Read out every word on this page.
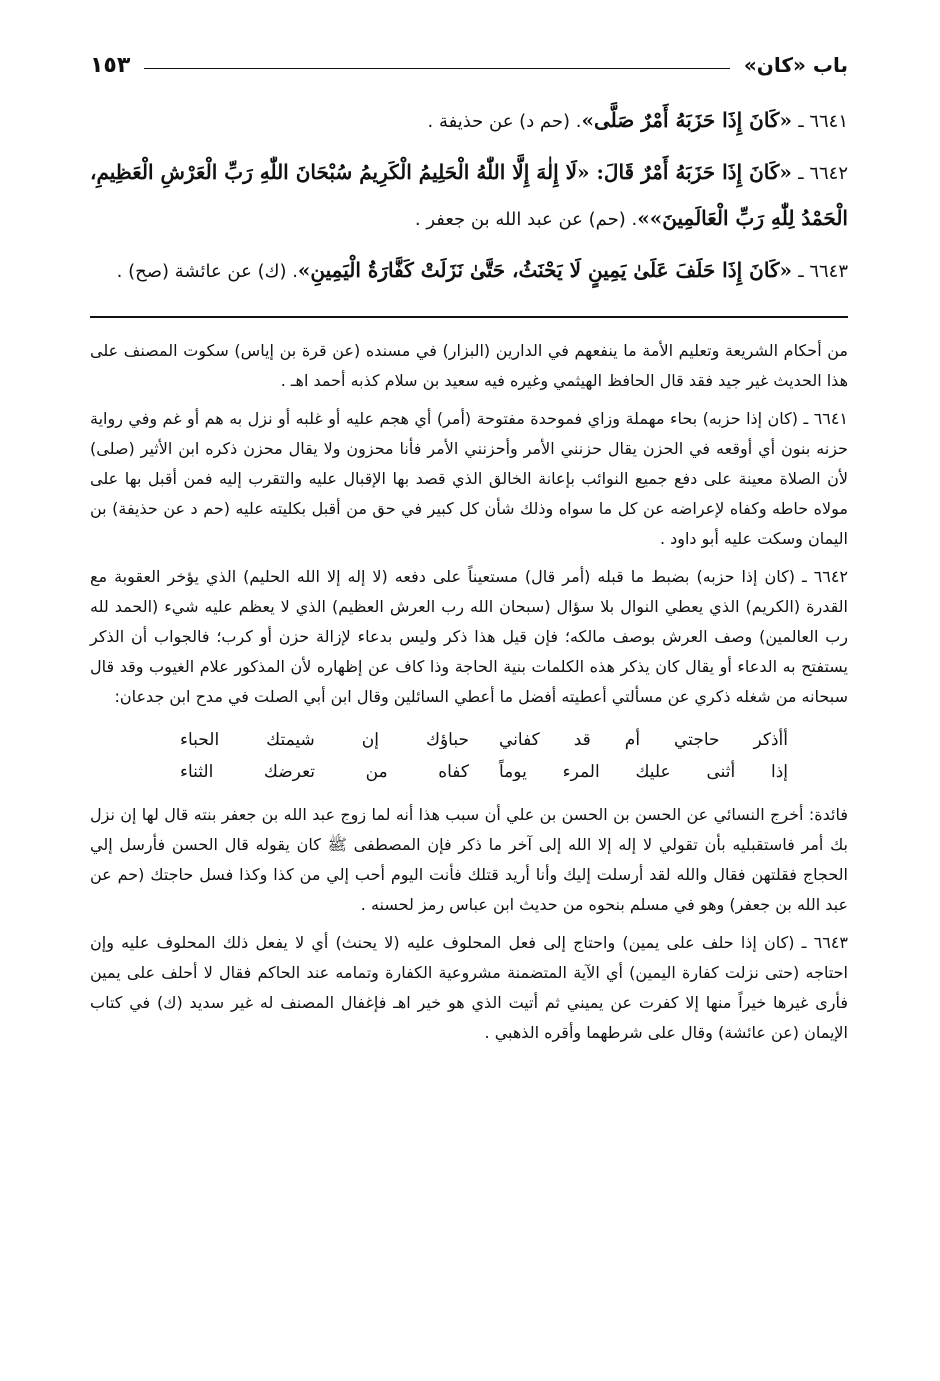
باب «كان»
١٥٣

٦٦٤١ ـ «كَانَ إِذَا حَزَبَهُ أَمْرٌ صَلَّى». (حم د) عن حذيفة .

٦٦٤٢ ـ «كَانَ إِذَا حَزَبَهُ أَمْرٌ قَالَ: «لَا إِلٰهَ إِلَّا اللّٰهُ الْحَلِيمُ الْكَرِيمُ سُبْحَانَ اللّٰهِ رَبِّ الْعَرْشِ الْعَظِيمِ، الْحَمْدُ لِلّٰهِ رَبِّ الْعَالَمِينَ»». (حم) عن عبد الله بن جعفر .

٦٦٤٣ ـ «كَانَ إِذَا حَلَفَ عَلَىٰ يَمِينٍ لَا يَحْنَثُ، حَتَّىٰ نَزَلَتْ كَفَّارَةُ الْيَمِينِ». (ك) عن عائشة (صح) .

من أحكام الشريعة وتعليم الأمة ما ينفعهم في الدارين (البزار) في مسنده (عن قرة بن إياس) سكوت المصنف على هذا الحديث غير جيد فقد قال الحافظ الهيثمي وغيره فيه سعيد بن سلام كذبه أحمد اهـ .

٦٦٤١ ـ (كان إذا حزبه) بحاء مهملة وزاي فموحدة مفتوحة (أمر) أي هجم عليه أو غلبه أو نزل به هم أو غم وفي رواية حزنه بنون أي أوقعه في الحزن يقال حزنني الأمر وأحزنني الأمر فأنا محزون ولا يقال محزن ذكره ابن الأثير (صلى) لأن الصلاة معينة على دفع جميع النوائب بإعانة الخالق الذي قصد بها الإقبال عليه والتقرب إليه فمن أقبل بها على مولاه حاطه وكفاه لإعراضه عن كل ما سواه وذلك شأن كل كبير في حق من أقبل بكليته عليه (حم د عن حذيفة) بن اليمان وسكت عليه أبو داود .

٦٦٤٢ ـ (كان إذا حزبه) بضبط ما قبله (أمر قال) مستعيناً على دفعه (لا إله إلا الله الحليم) الذي يؤخر العقوبة مع القدرة (الكريم) الذي يعطي النوال بلا سؤال (سبحان الله رب العرش العظيم) الذي لا يعظم عليه شيء (الحمد لله رب العالمين) وصف العرش بوصف مالكه؛ فإن قيل هذا ذكر وليس بدعاء لإزالة حزن أو كرب؛ فالجواب أن الذكر يستفتح به الدعاء أو يقال كان يذكر هذه الكلمات بنية الحاجة وذا كاف عن إظهاره لأن المذكور علام الغيوب وقد قال سبحانه من شغله ذكري عن مسألتي أعطيته أفضل ما أعطي السائلين وقال ابن أبي الصلت في مدح ابن جدعان:

أأذكر حاجتي أم قد كفاني
حباؤك إن شيمتك الحباء
إذا أثنى عليك المرء يوماً
كفاه من تعرضك الثناء

فائدة: أخرج النسائي عن الحسن بن الحسن بن علي أن سبب هذا أنه لما زوج عبد الله بن جعفر بنته قال لها إن نزل بك أمر فاستقبليه بأن تقولي لا إله إلا الله إلى آخر ما ذكر فإن المصطفى ﷺ كان يقوله قال الحسن فأرسل إلي الحجاج فقلتهن فقال والله لقد أرسلت إليك وأنا أريد قتلك فأنت اليوم أحب إلي من كذا وكذا فسل حاجتك (حم عن عبد الله بن جعفر) وهو في مسلم بنحوه من حديث ابن عباس رمز لحسنه .

٦٦٤٣ ـ (كان إذا حلف على يمين) واحتاج إلى فعل المحلوف عليه (لا يحنث) أي لا يفعل ذلك المحلوف عليه وإن احتاجه (حتى نزلت كفارة اليمين) أي الآية المتضمنة مشروعية الكفارة وتمامه عند الحاكم فقال لا أحلف على يمين فأرى غيرها خيراً منها إلا كفرت عن يميني ثم أتيت الذي هو خير اهـ فإغفال المصنف له غير سديد (ك) في كتاب الإيمان (عن عائشة) وقال على شرطهما وأقره الذهبي .
